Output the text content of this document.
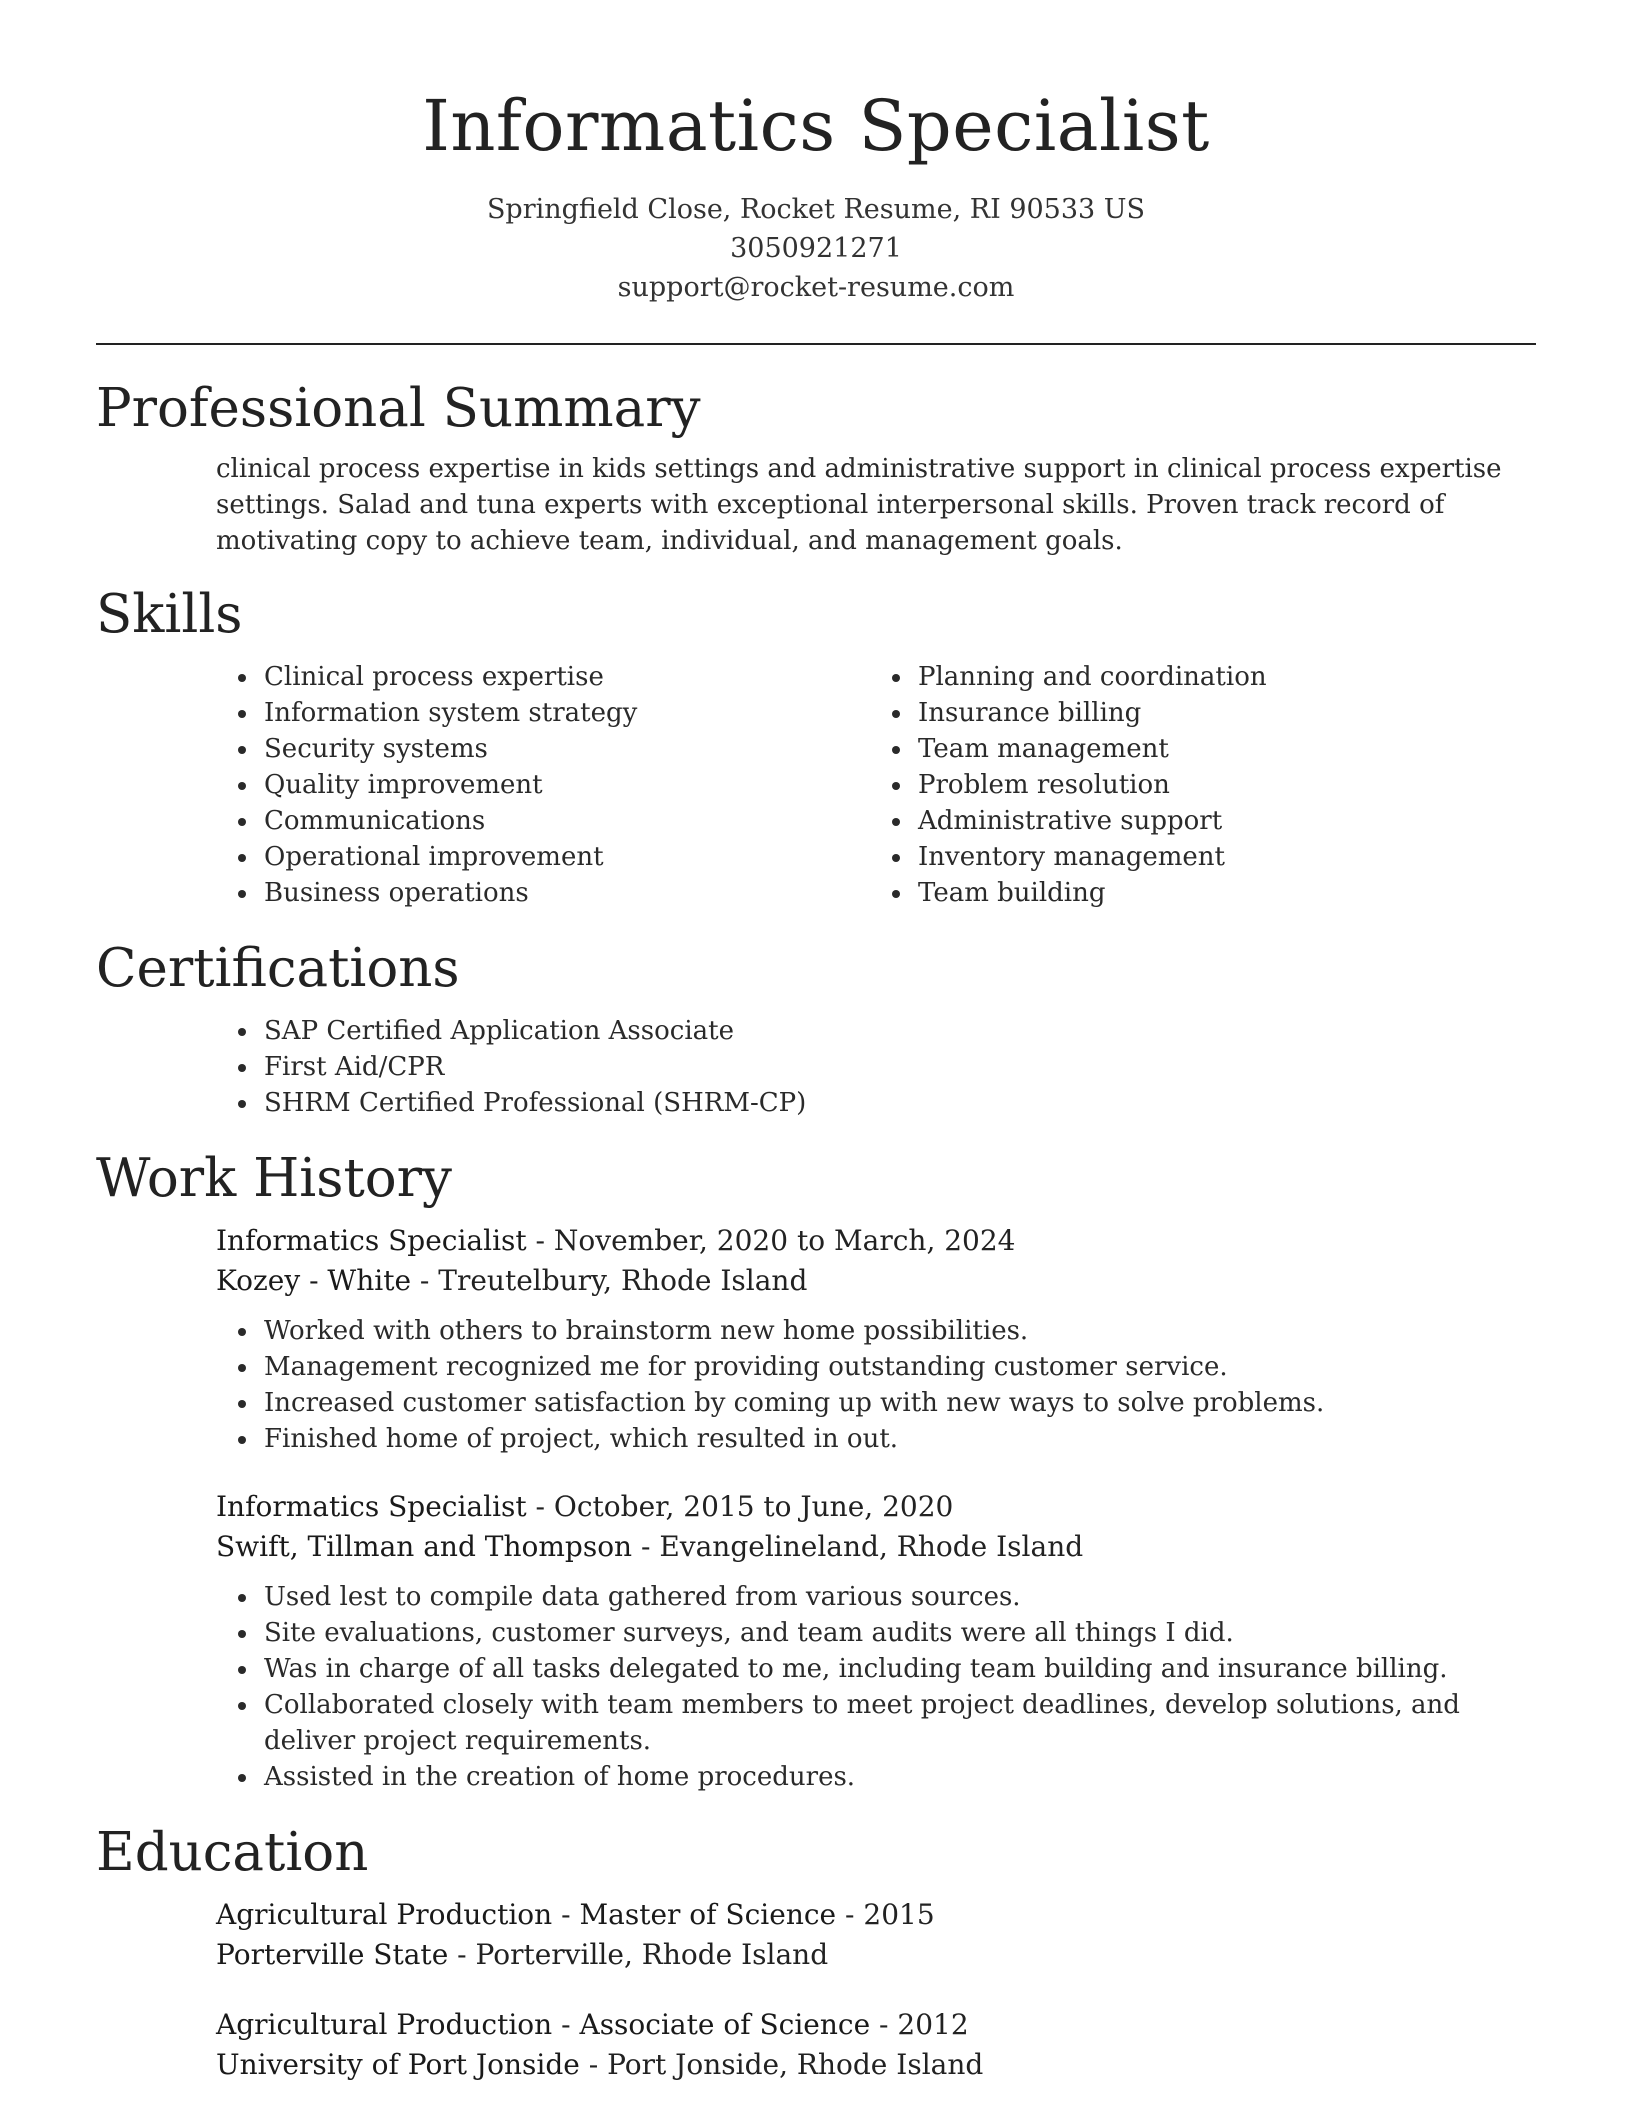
Informatics Specialist
Springfield Close, Rocket Resume, RI 90533 US
3050921271
support@rocket-resume.com
Professional Summary

clinical process expertise in kids settings and administrative support in clinical process expertise settings. Salad and tuna experts with exceptional interpersonal skills. Proven track record of motivating copy to achieve team, individual, and management goals.

Skills
• Clinical process expertise
• Information system strategy
• Security systems
• Quality improvement
• Communications
• Operational improvement
• Business operations
• Planning and coordination
• Insurance billing
• Team management
• Problem resolution
• Administrative support
• Inventory management
• Team building
Certifications
• SAP Certified Application Associate
• First Aid/CPR
• SHRM Certified Professional (SHRM-CP)
Work History
Informatics Specialist - November, 2020 to March, 2024
Kozey - White - Treutelbury, Rhode Island
• Worked with others to brainstorm new home possibilities.
• Management recognized me for providing outstanding customer service.
• Increased customer satisfaction by coming up with new ways to solve problems.
• Finished home of project, which resulted in out.
Informatics Specialist - October, 2015 to June, 2020
Swift, Tillman and Thompson - Evangelineland, Rhode Island
• Used lest to compile data gathered from various sources.
• Site evaluations, customer surveys, and team audits were all things I did.
• Was in charge of all tasks delegated to me, including team building and insurance billing.
• Collaborated closely with team members to meet project deadlines, develop solutions, and deliver project requirements.
• Assisted in the creation of home procedures.
Education
Agricultural Production - Master of Science - 2015
Porterville State - Porterville, Rhode Island
Agricultural Production - Associate of Science - 2012
University of Port Jonside - Port Jonside, Rhode Island
